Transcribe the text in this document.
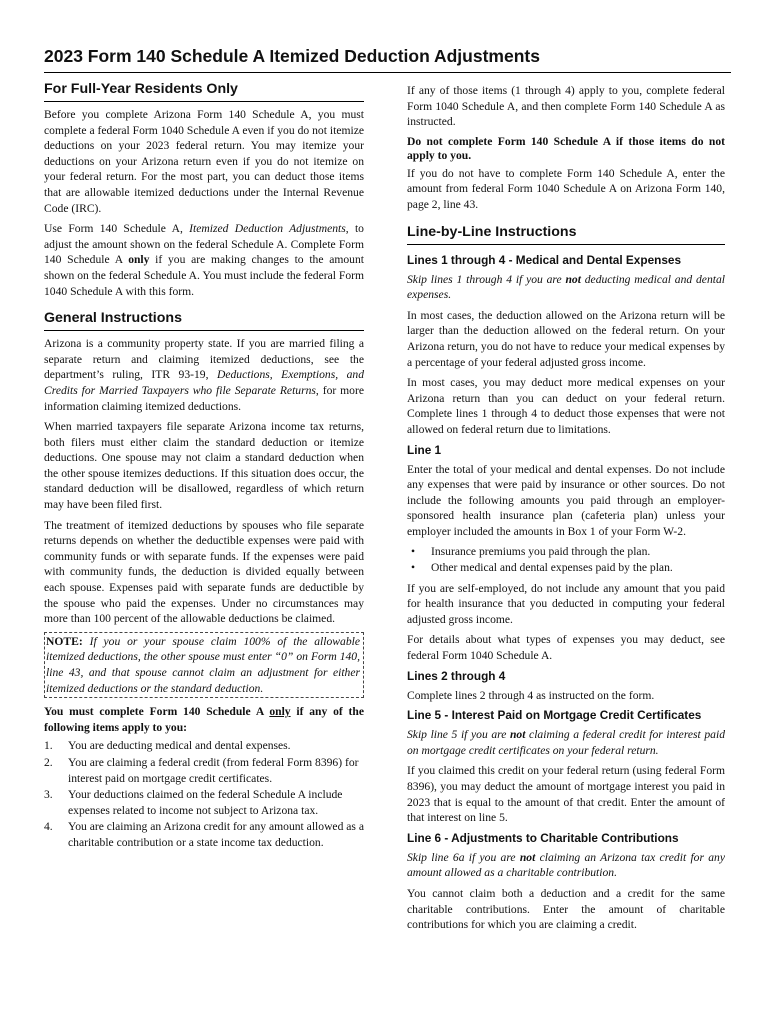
2023 Form 140 Schedule A Itemized Deduction Adjustments
For Full-Year Residents Only

Before you complete Arizona Form 140 Schedule A, you must complete a federal Form 1040 Schedule A even if you do not itemize deductions on your 2023 federal return. You may itemize your deductions on your Arizona return even if you do not itemize on your federal return. For the most part, you can deduct those items that are allowable itemized deductions under the Internal Revenue Code (IRC).

Use Form 140 Schedule A, Itemized Deduction Adjustments, to adjust the amount shown on the federal Schedule A. Complete Form 140 Schedule A only if you are making changes to the amount shown on the federal Schedule A. You must include the federal Form 1040 Schedule A with this form.

General Instructions

Arizona is a community property state. If you are married filing a separate return and claiming itemized deductions, see the department’s ruling, ITR 93-19, Deductions, Exemptions, and Credits for Married Taxpayers who file Separate Returns, for more information claiming itemized deductions.

When married taxpayers file separate Arizona income tax returns, both filers must either claim the standard deduction or itemize deductions. One spouse may not claim a standard deduction when the other spouse itemizes deductions. If this situation does occur, the standard deduction will be disallowed, regardless of which return may have been filed first.

The treatment of itemized deductions by spouses who file separate returns depends on whether the deductible expenses were paid with community funds or with separate funds. If the expenses were paid with community funds, the deduction is divided equally between each spouse. Expenses paid with separate funds are deductible by the spouse who paid the expenses. Under no circumstances may more than 100 percent of the allowable deductions be claimed.

NOTE: If you or your spouse claim 100% of the allowable itemized deductions, the other spouse must enter “0” on Form 140, line 43, and that spouse cannot claim an adjustment for either itemized deductions or the standard deduction.

You must complete Form 140 Schedule A only if any of the following items apply to you:

1. You are deducting medical and dental expenses.
2. You are claiming a federal credit (from federal Form 8396) for interest paid on mortgage credit certificates.
3. Your deductions claimed on the federal Schedule A include expenses related to income not subject to Arizona tax.
4. You are claiming an Arizona credit for any amount allowed as a charitable contribution or a state income tax deduction.

If any of those items (1 through 4) apply to you, complete federal Form 1040 Schedule A, and then complete Form 140 Schedule A as instructed.

Do not complete Form 140 Schedule A if those items do not apply to you.

If you do not have to complete Form 140 Schedule A, enter the amount from federal Form 1040 Schedule A on Arizona Form 140, page 2, line 43.

Line-by-Line Instructions
Lines 1 through 4 - Medical and Dental Expenses

Skip lines 1 through 4 if you are not deducting medical and dental expenses.

In most cases, the deduction allowed on the Arizona return will be larger than the deduction allowed on the federal return. On your Arizona return, you do not have to reduce your medical expenses by a percentage of your federal adjusted gross income.

In most cases, you may deduct more medical expenses on your Arizona return than you can deduct on your federal return. Complete lines 1 through 4 to deduct those expenses that were not allowed on federal return due to limitations.

Line 1

Enter the total of your medical and dental expenses. Do not include any expenses that were paid by insurance or other sources. Do not include the following amounts you paid through an employer-sponsored health insurance plan (cafeteria plan) unless your employer included the amounts in Box 1 of your Form W-2.

• Insurance premiums you paid through the plan.
• Other medical and dental expenses paid by the plan.

If you are self-employed, do not include any amount that you paid for health insurance that you deducted in computing your federal adjusted gross income.

For details about what types of expenses you may deduct, see federal Form 1040 Schedule A.

Lines 2 through 4

Complete lines 2 through 4 as instructed on the form.

Line 5 - Interest Paid on Mortgage Credit Certificates

Skip line 5 if you are not claiming a federal credit for interest paid on mortgage credit certificates on your federal return.

If you claimed this credit on your federal return (using federal Form 8396), you may deduct the amount of mortgage interest you paid in 2023 that is equal to the amount of that credit. Enter the amount of that interest on line 5.

Line 6 - Adjustments to Charitable Contributions

Skip line 6a if you are not claiming an Arizona tax credit for any amount allowed as a charitable contribution.

You cannot claim both a deduction and a credit for the same charitable contributions. Enter the amount of charitable contributions for which you are claiming a credit.
